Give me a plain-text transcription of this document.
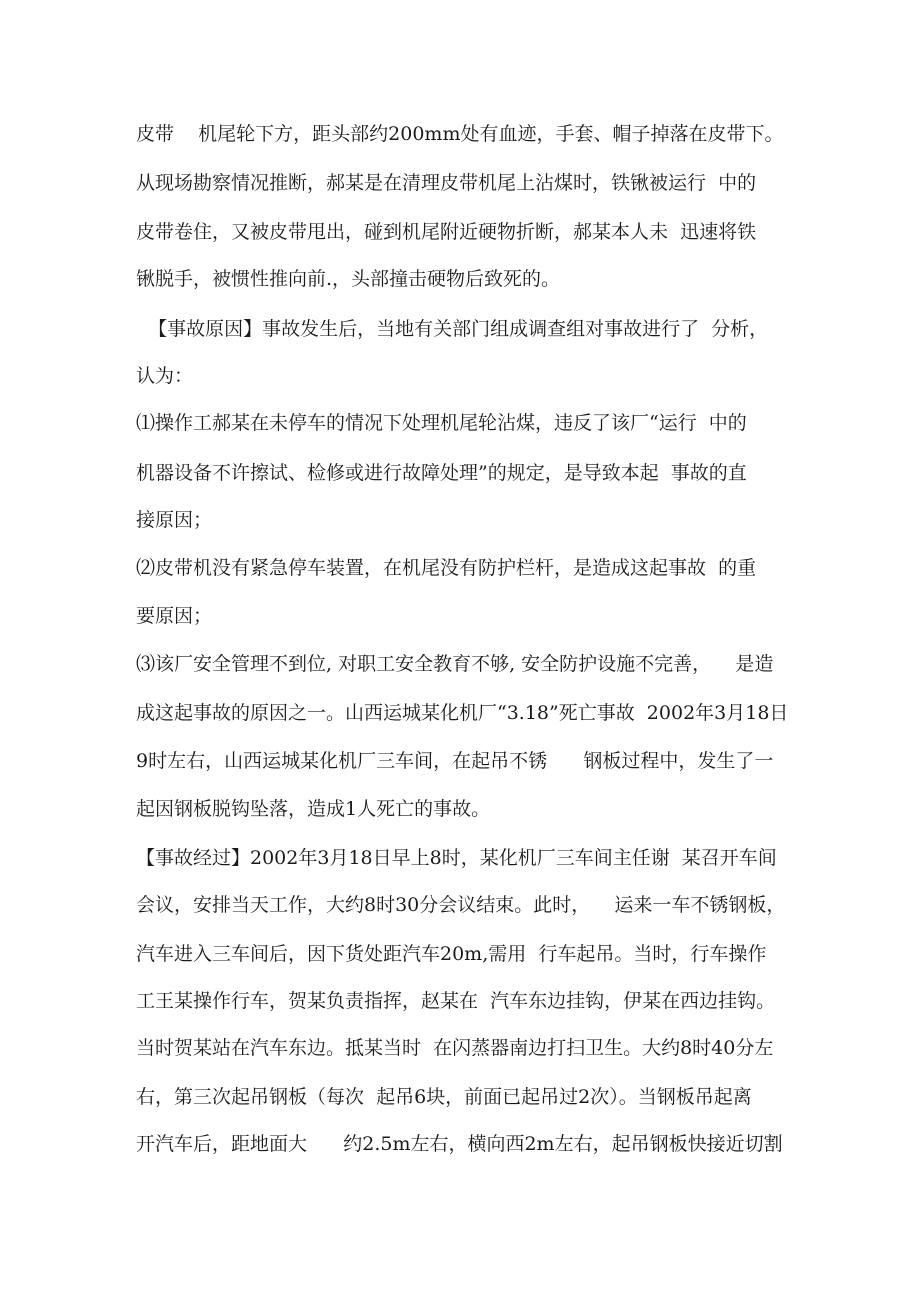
皮带    机尾轮下方，距头部约200mm处有血迹，手套、帽子掉落在皮带下。
从现场勘察情况推断，郝某是在清理皮带机尾上沾煤时，铁锹被运行  中的
皮带卷住，又被皮带甩出，碰到机尾附近硬物折断，郝某本人未  迅速将铁
锹脱手，被惯性推向前.，头部撞击硬物后致死的。
【事故原因】事故发生后，当地有关部门组成调查组对事故进行了  分析，
认为：
⑴操作工郝某在未停车的情况下处理机尾轮沾煤，违反了该厂“运行  中的
机器设备不许擦试、检修或进行故障处理”的规定，是导致本起  事故的直
接原因；
⑵皮带机没有紧急停车装置，在机尾没有防护栏杆，是造成这起事故  的重
要原因；
⑶该厂安全管理不到位, 对职工安全教育不够, 安全防护设施不完善，    是造
成这起事故的原因之一。山西运城某化机厂“3.18”死亡事故  2002年3月18日
9时左右，山西运城某化机厂三车间，在起吊不锈      钢板过程中，发生了一
起因钢板脱钩坠落，造成1人死亡的事故。
【事故经过】2002年3月18日早上8时，某化机厂三车间主任谢  某召开车间
会议，安排当天工作，大约8时30分会议结束。此时，    运来一车不锈钢板，
汽车进入三车间后，因下货处距汽车20m,需用  行车起吊。当时，行车操作
工王某操作行车，贺某负责指挥，赵某在  汽车东边挂钩，伊某在西边挂钩。
当时贺某站在汽车东边。抵某当时  在闪蒸器南边打扫卫生。大约8时40分左
右，第三次起吊钢板（每次  起吊6块，前面已起吊过2次）。当钢板吊起离
开汽车后，距地面大      约2.5m左右，横向西2m左右，起吊钢板快接近切割
